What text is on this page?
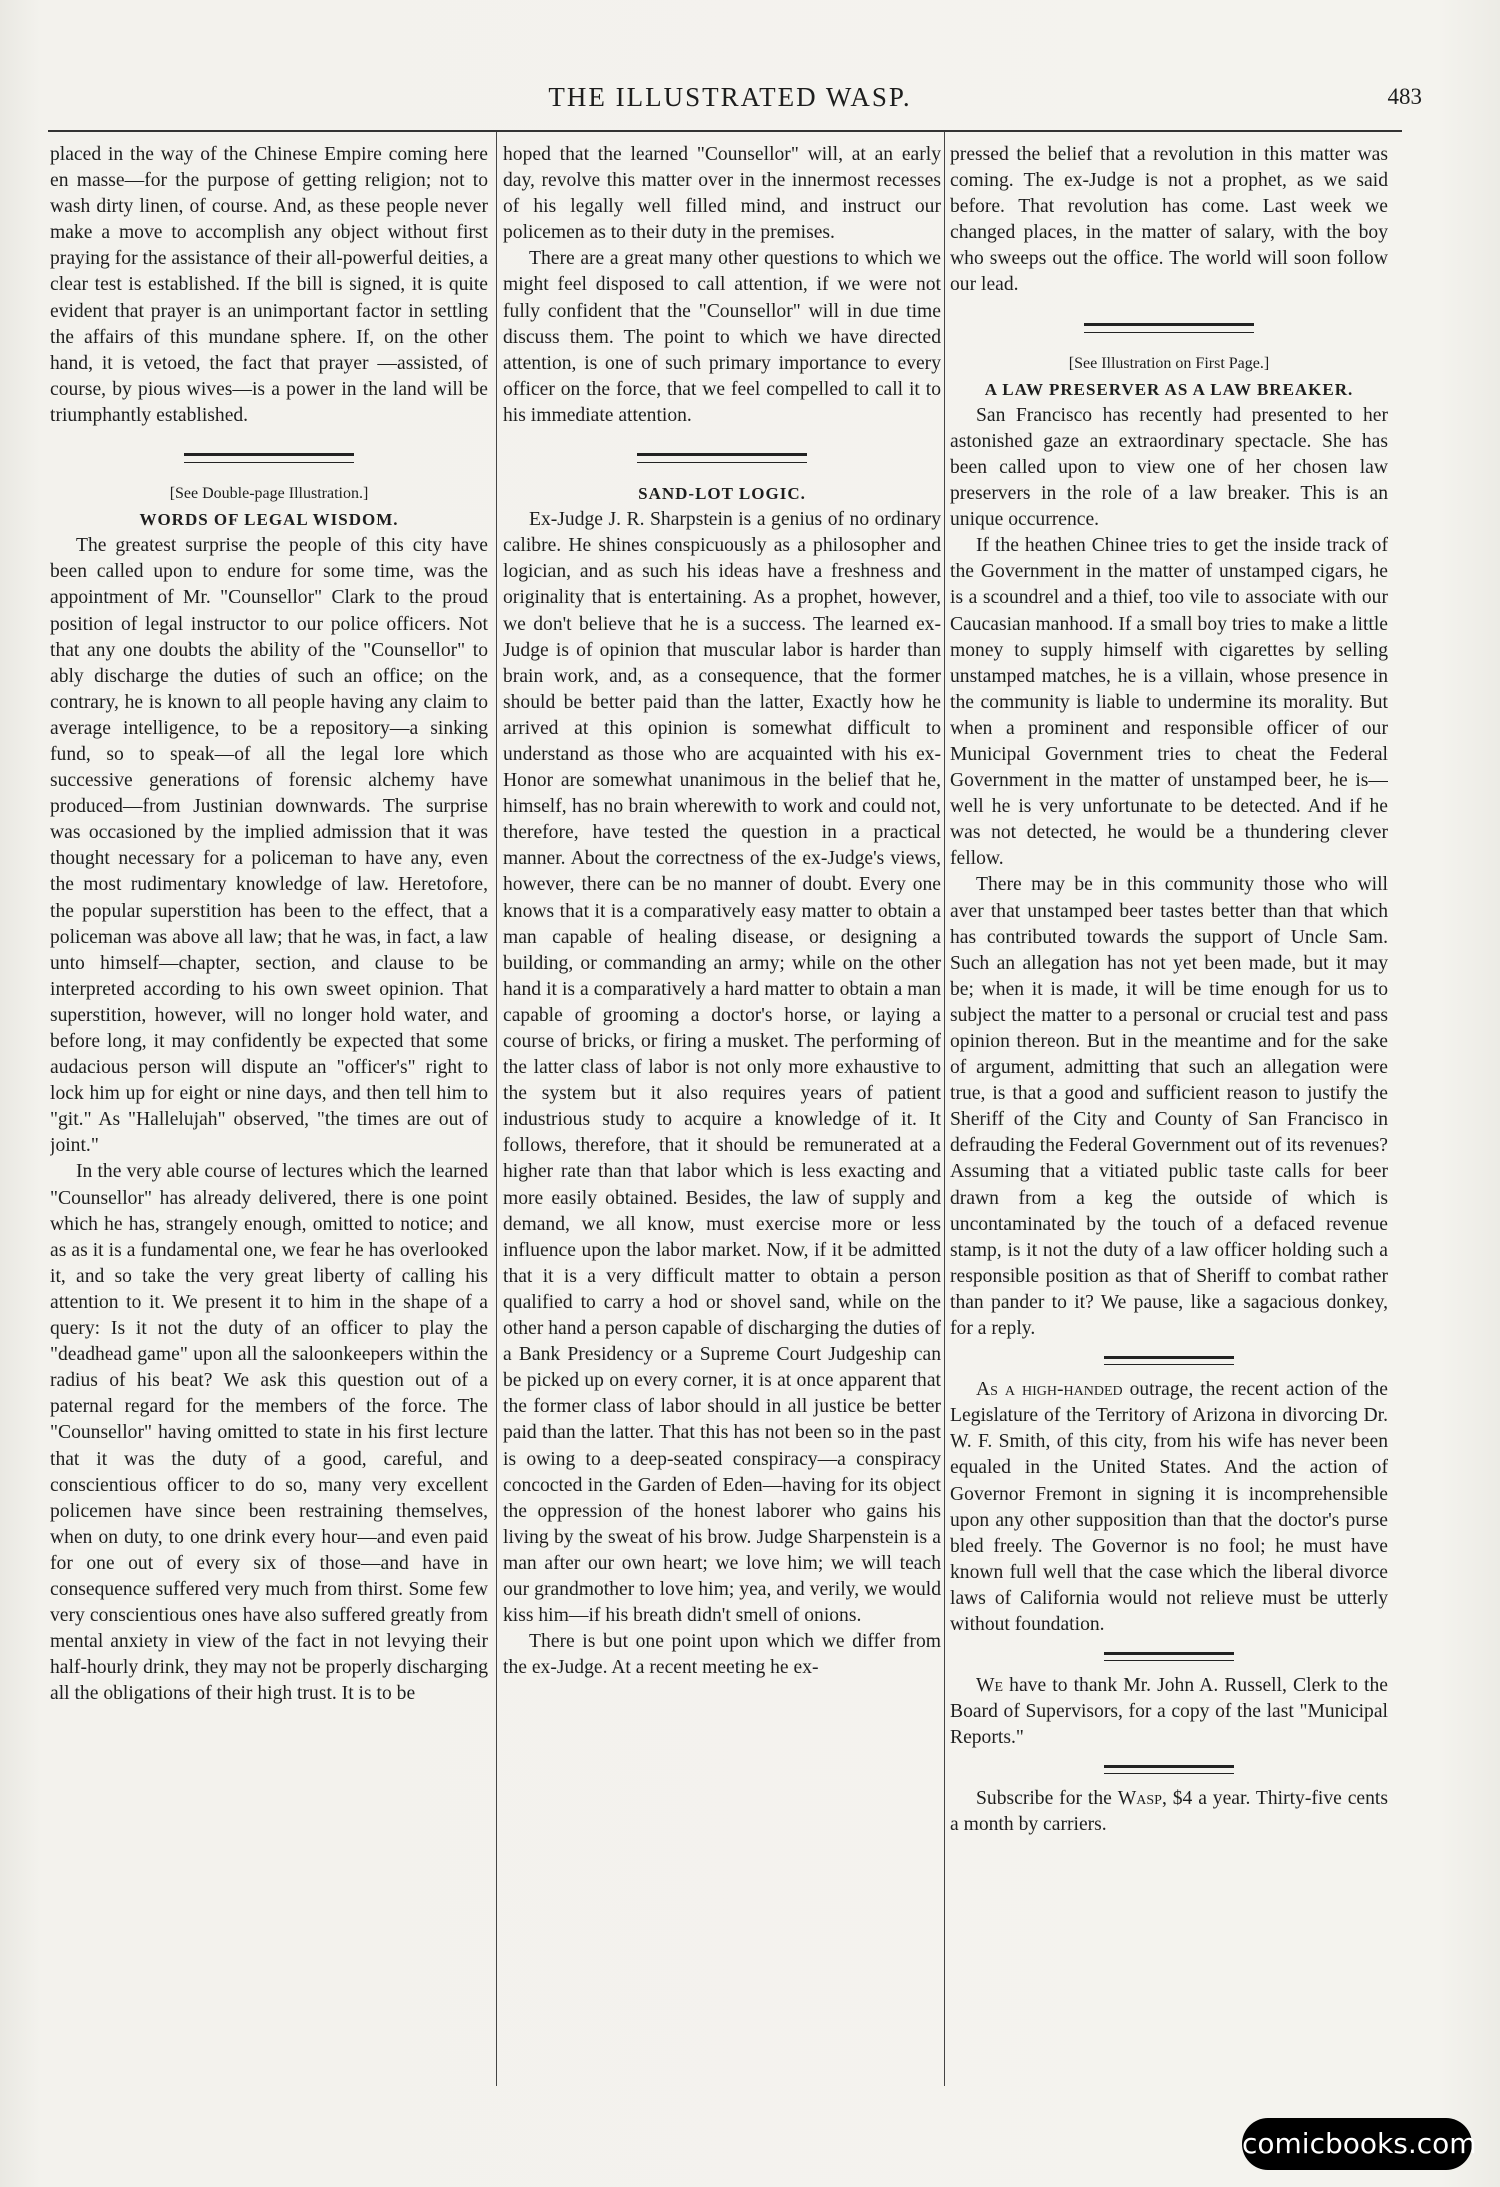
THE ILLUSTRATED WASP.	483

placed in the way of the Chinese Empire coming here en masse—for the purpose of getting religion; not to wash dirty linen, of course. And, as these people never make a move to accomplish any object without first praying for the assistance of their all-powerful deities, a clear test is established. If the bill is signed, it is quite evident that prayer is an unimportant factor in settling the affairs of this mundane sphere. If, on the other hand, it is vetoed, the fact that prayer —assisted, of course, by pious wives—is a power in the land will be triumphantly established.

[See Double-page Illustration.]

WORDS OF LEGAL WISDOM.

The greatest surprise the people of this city have been called upon to endure for some time, was the appointment of Mr. "Counsellor" Clark to the proud position of legal instructor to our police officers. Not that any one doubts the ability of the "Counsellor" to ably discharge the duties of such an office; on the contrary, he is known to all people having any claim to average intelligence, to be a repository—a sinking fund, so to speak—of all the legal lore which successive generations of forensic alchemy have produced—from Justinian downwards. The surprise was occasioned by the implied admission that it was thought necessary for a policeman to have any, even the most rudimentary knowledge of law. Heretofore, the popular superstition has been to the effect, that a policeman was above all law; that he was, in fact, a law unto himself—chapter, section, and clause to be interpreted according to his own sweet opinion. That superstition, however, will no longer hold water, and before long, it may confidently be expected that some audacious person will dispute an "officer's" right to lock him up for eight or nine days, and then tell him to "git." As "Hallelujah" observed, "the times are out of joint."

In the very able course of lectures which the learned "Counsellor" has already delivered, there is one point which he has, strangely enough, omitted to notice; and as as it is a fundamental one, we fear he has overlooked it, and so take the very great liberty of calling his attention to it. We present it to him in the shape of a query: Is it not the duty of an officer to play the "deadhead game" upon all the saloonkeepers within the radius of his beat? We ask this question out of a paternal regard for the members of the force. The "Counsellor" having omitted to state in his first lecture that it was the duty of a good, careful, and conscientious officer to do so, many very excellent policemen have since been restraining themselves, when on duty, to one drink every hour—and even paid for one out of every six of those—and have in consequence suffered very much from thirst. Some few very conscientious ones have also suffered greatly from mental anxiety in view of the fact in not levying their half-hourly drink, they may not be properly discharging all the obligations of their high trust. It is to be

hoped that the learned "Counsellor" will, at an early day, revolve this matter over in the innermost recesses of his legally well filled mind, and instruct our policemen as to their duty in the premises.

There are a great many other questions to which we might feel disposed to call attention, if we were not fully confident that the "Counsellor" will in due time discuss them. The point to which we have directed attention, is one of such primary importance to every officer on the force, that we feel compelled to call it to his immediate attention.

SAND-LOT LOGIC.

Ex-Judge J. R. Sharpstein is a genius of no ordinary calibre. He shines conspicuously as a philosopher and logician, and as such his ideas have a freshness and originality that is entertaining. As a prophet, however, we don't believe that he is a success. The learned ex-Judge is of opinion that muscular labor is harder than brain work, and, as a consequence, that the former should be better paid than the latter, Exactly how he arrived at this opinion is somewhat difficult to understand as those who are acquainted with his ex-Honor are somewhat unanimous in the belief that he, himself, has no brain wherewith to work and could not, therefore, have tested the question in a practical manner. About the correctness of the ex-Judge's views, however, there can be no manner of doubt. Every one knows that it is a comparatively easy matter to obtain a man capable of healing disease, or designing a building, or commanding an army; while on the other hand it is a comparatively a hard matter to obtain a man capable of grooming a doctor's horse, or laying a course of bricks, or firing a musket. The performing of the latter class of labor is not only more exhaustive to the system but it also requires years of patient industrious study to acquire a knowledge of it. It follows, therefore, that it should be remunerated at a higher rate than that labor which is less exacting and more easily obtained. Besides, the law of supply and demand, we all know, must exercise more or less influence upon the labor market. Now, if it be admitted that it is a very difficult matter to obtain a person qualified to carry a hod or shovel sand, while on the other hand a person capable of discharging the duties of a Bank Presidency or a Supreme Court Judgeship can be picked up on every corner, it is at once apparent that the former class of labor should in all justice be better paid than the latter. That this has not been so in the past is owing to a deep-seated conspiracy—a conspiracy concocted in the Garden of Eden—having for its object the oppression of the honest laborer who gains his living by the sweat of his brow. Judge Sharpenstein is a man after our own heart; we love him; we will teach our grandmother to love him; yea, and verily, we would kiss him—if his breath didn't smell of onions.

There is but one point upon which we differ from the ex-Judge. At a recent meeting he ex-

pressed the belief that a revolution in this matter was coming. The ex-Judge is not a prophet, as we said before. That revolution has come. Last week we changed places, in the matter of salary, with the boy who sweeps out the office. The world will soon follow our lead.

[See Illustration on First Page.]

A LAW PRESERVER AS A LAW BREAKER.

San Francisco has recently had presented to her astonished gaze an extraordinary spectacle. She has been called upon to view one of her chosen law preservers in the role of a law breaker. This is an unique occurrence.

If the heathen Chinee tries to get the inside track of the Government in the matter of unstamped cigars, he is a scoundrel and a thief, too vile to associate with our Caucasian manhood. If a small boy tries to make a little money to supply himself with cigarettes by selling unstamped matches, he is a villain, whose presence in the community is liable to undermine its morality. But when a prominent and responsible officer of our Municipal Government tries to cheat the Federal Government in the matter of unstamped beer, he is—well he is very unfortunate to be detected. And if he was not detected, he would be a thundering clever fellow.

There may be in this community those who will aver that unstamped beer tastes better than that which has contributed towards the support of Uncle Sam. Such an allegation has not yet been made, but it may be; when it is made, it will be time enough for us to subject the matter to a personal or crucial test and pass opinion thereon. But in the meantime and for the sake of argument, admitting that such an allegation were true, is that a good and sufficient reason to justify the Sheriff of the City and County of San Francisco in defrauding the Federal Government out of its revenues? Assuming that a vitiated public taste calls for beer drawn from a keg the outside of which is uncontaminated by the touch of a defaced revenue stamp, is it not the duty of a law officer holding such a responsible position as that of Sheriff to combat rather than pander to it? We pause, like a sagacious donkey, for a reply.

As a high-handed outrage, the recent action of the Legislature of the Territory of Arizona in divorcing Dr. W. F. Smith, of this city, from his wife has never been equaled in the United States. And the action of Governor Fremont in signing it is incomprehensible upon any other supposition than that the doctor's purse bled freely. The Governor is no fool; he must have known full well that the case which the liberal divorce laws of California would not relieve must be utterly without foundation.

We have to thank Mr. John A. Russell, Clerk to the Board of Supervisors, for a copy of the last "Municipal Reports."

Subscribe for the Wasp, $4 a year. Thirty-five cents a month by carriers.

comicbooks.com
